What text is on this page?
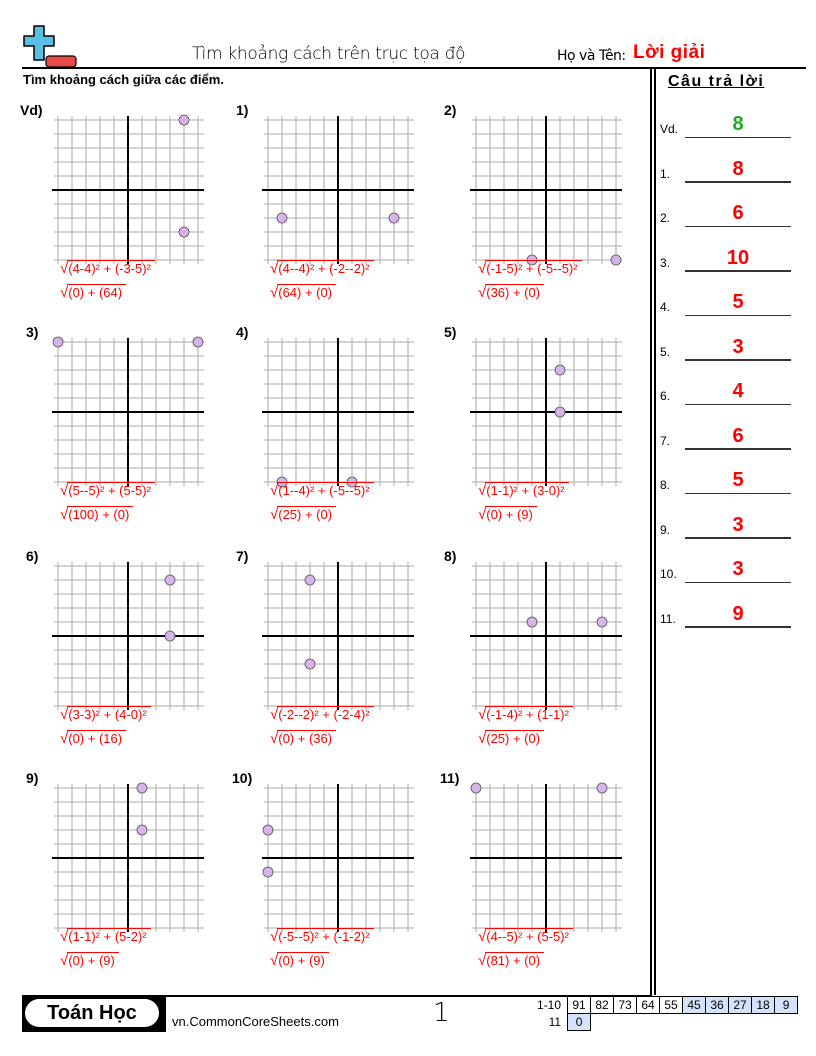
Tìm khoảng cách trên trục tọa độ	Họ và Tên: Lời giải
Tìm khoảng cách giữa các điểm.
Vd)
√(4-4)² + (-3-5)²
√(0) + (64)
1)
√(4--4)² + (-2--2)²
√(64) + (0)
2)
√(-1-5)² + (-5--5)²
√(36) + (0)
3)
√(5--5)² + (5-5)²
√(100) + (0)
4)
√(1--4)² + (-5--5)²
√(25) + (0)
5)
√(1-1)² + (3-0)²
√(0) + (9)
6)
√(3-3)² + (4-0)²
√(0) + (16)
7)
√(-2--2)² + (-2-4)²
√(0) + (36)
8)
√(-1-4)² + (1-1)²
√(25) + (0)
9)
√(1-1)² + (5-2)²
√(0) + (9)
10)
√(-5--5)² + (-1-2)²
√(0) + (9)
11)
√(4--5)² + (5-5)²
√(81) + (0)
Câu trả lời
Vd.	8
1.	8
2.	6
3.	10
4.	5
5.	3
6.	4
7.	6
8.	5
9.	3
10.	3
11.	9
Toán Học	vn.CommonCoreSheets.com	1	1-10	91	82	73	64	55	45	36	27	18	9
11	0									
